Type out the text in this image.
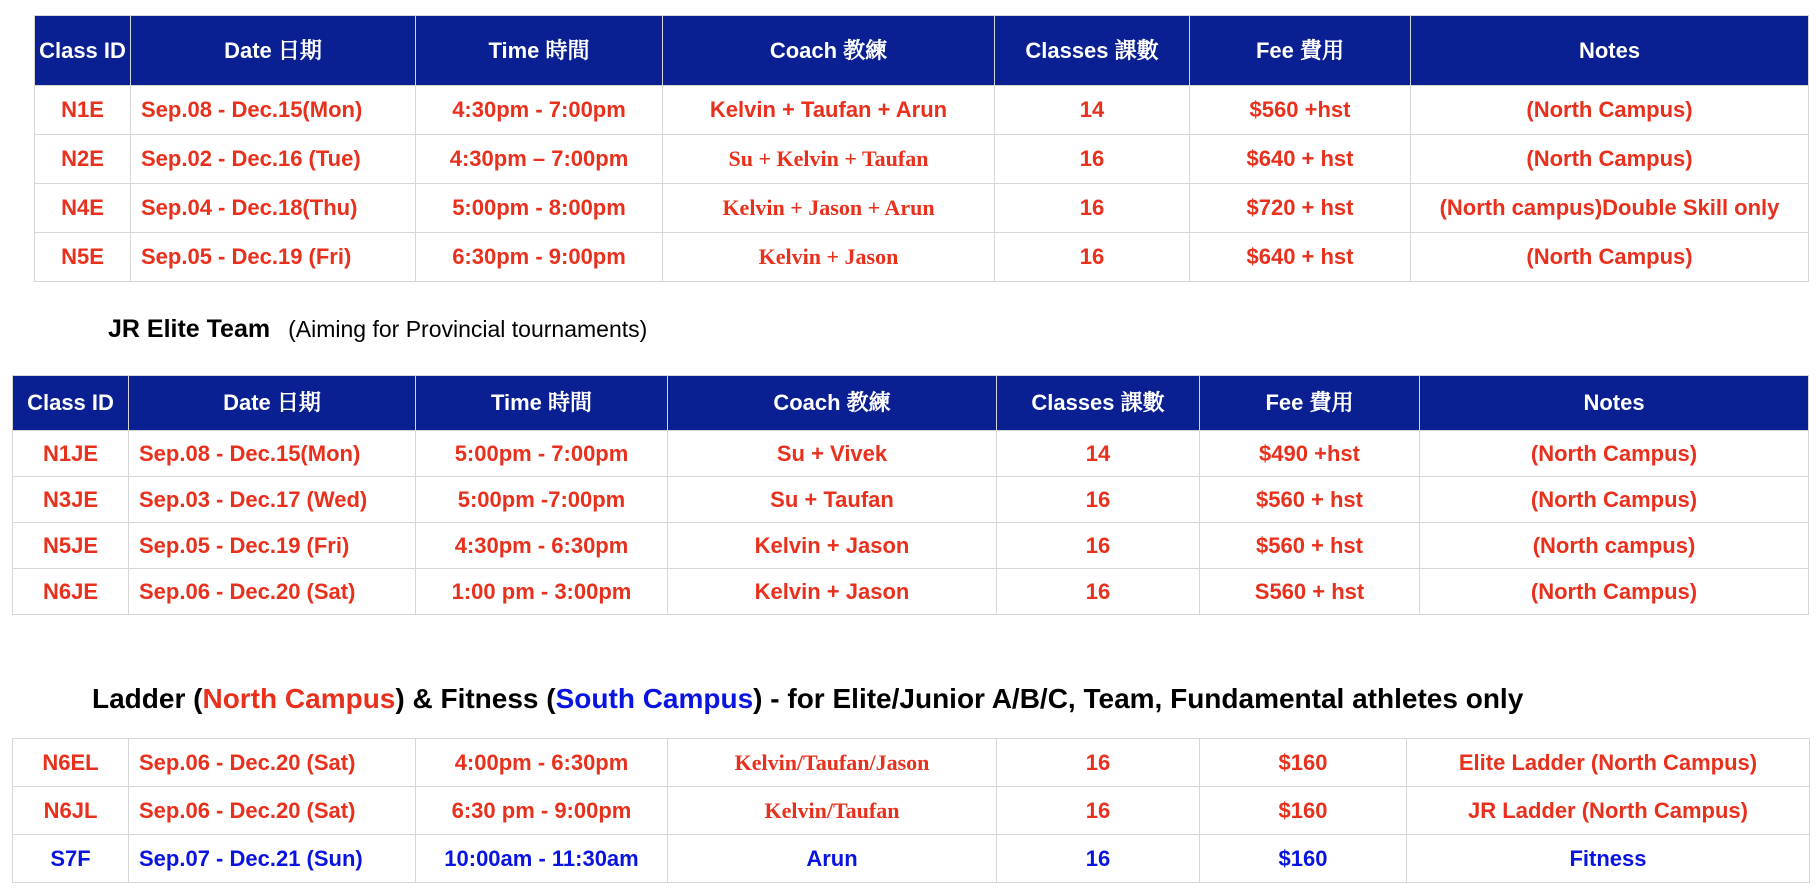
Class ID	Date 日期	Time 時間	Coach 教練	Classes 課數	Fee 費用	Notes
N1E	Sep.08 - Dec.15(Mon)	4:30pm - 7:00pm	Kelvin + Taufan + Arun	14	$560 +hst	(North Campus)
N2E	Sep.02 - Dec.16 (Tue)	4:30pm – 7:00pm	Su + Kelvin + Taufan	16	$640 + hst	(North Campus)
N4E	Sep.04 - Dec.18(Thu)	5:00pm - 8:00pm	Kelvin + Jason + Arun	16	$720 + hst	(North campus)Double Skill only
N5E	Sep.05 - Dec.19 (Fri)	6:30pm - 9:00pm	Kelvin + Jason	16	$640 + hst	(North Campus)
JR Elite Team (Aiming for Provincial tournaments)
Class ID	Date 日期	Time 時間	Coach 教練	Classes 課數	Fee 費用	Notes
N1JE	Sep.08 - Dec.15(Mon)	5:00pm - 7:00pm	Su + Vivek	14	$490 +hst	(North Campus)
N3JE	Sep.03 - Dec.17 (Wed)	5:00pm -7:00pm	Su + Taufan	16	$560 + hst	(North Campus)
N5JE	Sep.05 - Dec.19 (Fri)	4:30pm - 6:30pm	Kelvin + Jason	16	$560 + hst	(North campus)
N6JE	Sep.06 - Dec.20 (Sat)	1:00 pm - 3:00pm	Kelvin + Jason	16	S560 + hst	(North Campus)
Ladder (North Campus) & Fitness (South Campus) - for Elite/Junior A/B/C, Team, Fundamental athletes only
N6EL	Sep.06 - Dec.20 (Sat)	4:00pm - 6:30pm	Kelvin/Taufan/Jason	16	$160	Elite Ladder (North Campus)
N6JL	Sep.06 - Dec.20 (Sat)	6:30 pm - 9:00pm	Kelvin/Taufan	16	$160	JR Ladder (North Campus)
S7F	Sep.07 - Dec.21 (Sun)	10:00am - 11:30am	Arun	16	$160	Fitness
